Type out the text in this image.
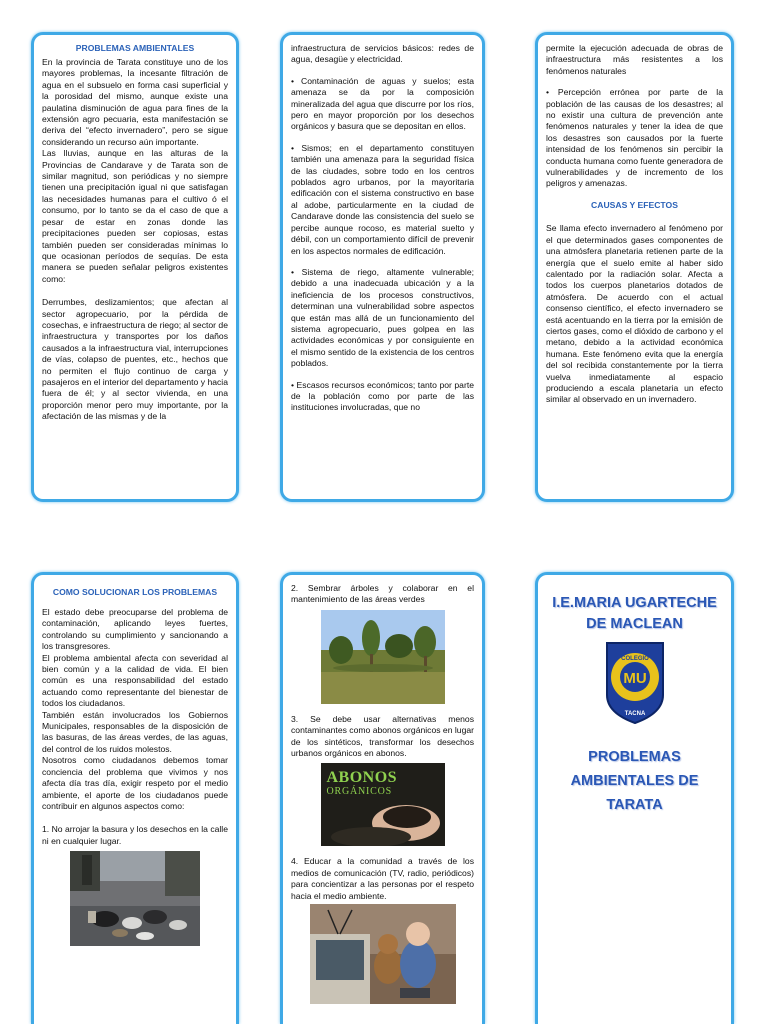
PROBLEMAS AMBIENTALES

En la provincia de Tarata constituye uno de los mayores problemas, la incesante filtración de agua en el subsuelo en forma casi superficial y la porosidad del mismo, aunque existe una paulatina disminución de agua para fines de la extensión agro pecuaria, esta manifestación se deriva del “efecto invernadero”, pero se sigue considerando un recurso aún importante.

Las lluvias, aunque en las alturas de la Provincias de Candarave y de Tarata son de similar magnitud, son periódicas y no siempre tienen una precipitación igual ni que satisfagan las necesidades humanas para el cultivo ó el consumo, por lo tanto se da el caso de que a pesar de estar en zonas donde las precipitaciones pueden ser copiosas, estas también pueden ser consideradas mínimas lo que ocasionan períodos de sequías. De esta manera se pueden señalar peligros existentes como:

Derrumbes, deslizamientos; que afectan al sector agropecuario, por la pérdida de cosechas, e infraestructura de riego; al sector de infraestructura y transportes por los daños causados a la infraestructura vial, interrupciones de vías, colapso de puentes, etc., hechos que no permiten el flujo continuo de carga y pasajeros en el interior del departamento y hacia fuera de él; y al sector vivienda, en una proporción menor pero muy importante, por la afectación de las mismas y de la

infraestructura de servicios básicos: redes de agua, desagüe y electricidad.

• Contaminación de aguas y suelos; esta amenaza se da por la composición mineralizada del agua que discurre por los ríos, pero en mayor proporción por los desechos orgánicos y basura que se depositan en ellos.

• Sismos; en el departamento constituyen también una amenaza para la seguridad física de las ciudades, sobre todo en los centros poblados agro urbanos, por la mayoritaria edificación con el sistema constructivo en base al adobe, particularmente en la ciudad de Candarave donde las consistencia del suelo se percibe aunque rocoso, es material suelto y débil, con un comportamiento difícil de prevenir en los aspectos normales de edificación.

• Sistema de riego, altamente vulnerable; debido a una inadecuada ubicación y a la ineficiencia de los procesos constructivos, determinan una vulnerabilidad sobre aspectos que están mas allá de un funcionamiento del sistema agropecuario, pues golpea en las actividades económicas y por consiguiente en el mismo sentido de la existencia de los centros poblados.

• Escasos recursos económicos; tanto por parte de la población como por parte de las instituciones involucradas, que no

permite la ejecución adecuada de obras de infraestructura más resistentes a los fenómenos naturales

• Percepción errónea por parte de la población de las causas de los desastres; al no existir una cultura de prevención ante fenómenos naturales y tener la idea de que los desastres son causados por la fuerte intensidad de los fenómenos sin percibir la conducta humana como fuente generadora de vulnerabilidades y de incremento de los peligros y amenazas.

CAUSAS Y EFECTOS

Se llama efecto invernadero al fenómeno por el que determinados gases componentes de una atmósfera planetaria retienen parte de la energía que el suelo emite al haber sido calentado por la radiación solar. Afecta a todos los cuerpos planetarios dotados de atmósfera. De acuerdo con el actual consenso científico, el efecto invernadero se está acentuando en la tierra por la emisión de ciertos gases, como el dióxido de carbono y el metano, debido a la actividad económica humana. Este fenómeno evita que la energía del sol recibida constantemente por la tierra vuelva inmediatamente al espacio produciendo a escala planetaria un efecto similar al observado en un invernadero.

COMO SOLUCIONAR LOS PROBLEMAS

El estado debe preocuparse del problema de contaminación, aplicando leyes fuertes, controlando su cumplimiento y sancionando a los transgresores.

El problema ambiental afecta con severidad al bien común y a la calidad de vida. El bien común es una responsabilidad del estado actuando como representante del bienestar de todos los ciudadanos.

También están involucrados los Gobiernos Municipales, responsables de la disposición de las basuras, de las áreas verdes, de las aguas, del control de los ruidos molestos.

Nosotros como ciudadanos debemos tomar conciencia del problema que vivimos y nos afecta día tras día, exigir respeto por el medio ambiente, el aporte de los ciudadanos puede contribuir en algunos aspectos como:

1. No arrojar la basura y los desechos en la calle ni en cualquier lugar.

2. Sembrar árboles y colaborar en el mantenimiento de las áreas verdes

3. Se debe usar alternativas menos contaminantes como abonos orgánicos en lugar de los sintéticos, transformar los desechos urbanos orgánicos en abonos.

ABONOS
ORGÁNICOS

4. Educar a la comunidad a través de los medios de comunicación (TV, radio, periódicos) para concientizar a las personas por el respeto hacia el medio ambiente.

I.E.MARIA UGARTECHE
DE MACLEAN
MU
COLEGIO
TACNA
PROBLEMAS
AMBIENTALES DE
TARATA
